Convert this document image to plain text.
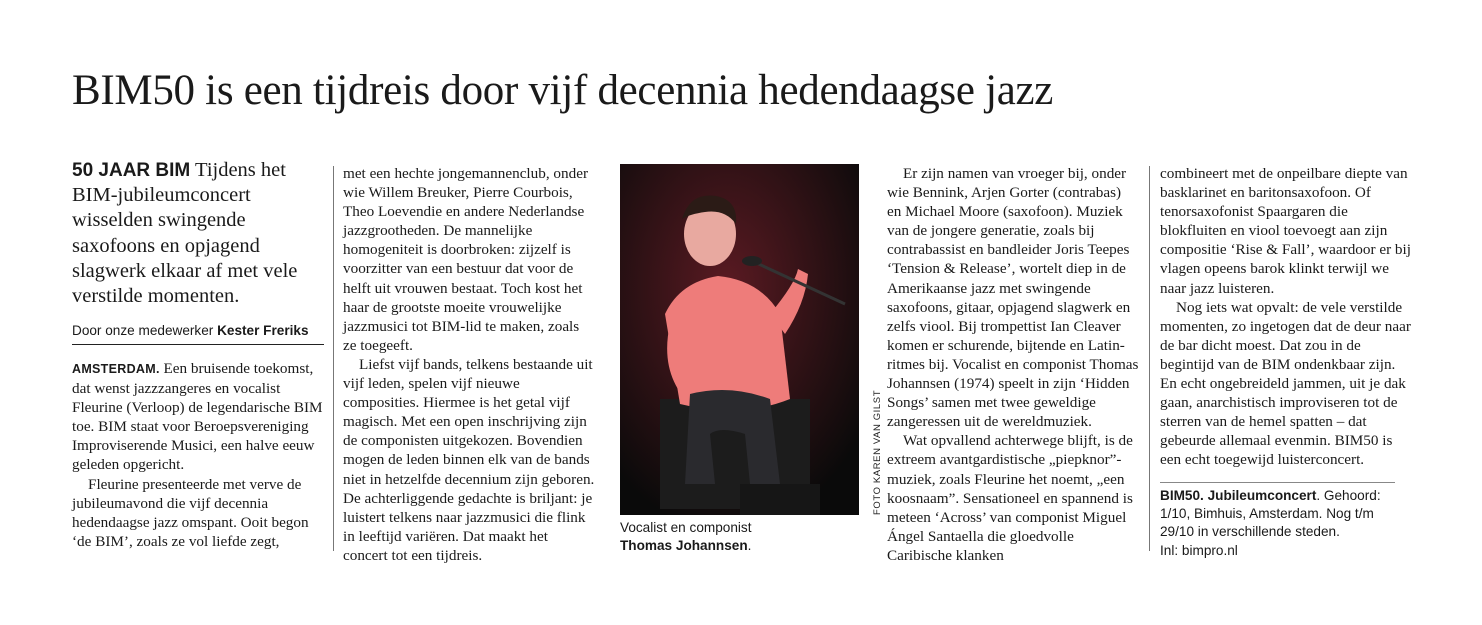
BIM50 is een tijdreis door vijf decennia hedendaagse jazz
50 JAAR BIM Tijdens het BIM-jubileumconcert wisselden swingende saxofoons en opjagend slagwerk elkaar af met vele verstilde momenten.
Door onze medewerker Kester Freriks

AMSTERDAM. Een bruisende toekomst, dat wenst jazzzangeres en vocalist Fleurine (Verloop) de legendarische BIM toe. BIM staat voor Beroepsvereniging Improviserende Musici, een halve eeuw geleden opgericht.

Fleurine presenteerde met verve de jubileumavond die vijf decennia hedendaagse jazz omspant. Ooit begon ‘de BIM’, zoals ze vol liefde zegt,

met een hechte jongemannenclub, onder wie Willem Breuker, Pierre Courbois, Theo Loevendie en andere Nederlandse jazzgrootheden. De mannelijke homogeniteit is doorbroken: zijzelf is voorzitter van een bestuur dat voor de helft uit vrouwen bestaat. Toch kost het haar de grootste moeite vrouwelijke jazzmusici tot BIM-lid te maken, zoals ze toegeeft.

Liefst vijf bands, telkens bestaande uit vijf leden, spelen vijf nieuwe composities. Hiermee is het getal vijf magisch. Met een open inschrijving zijn de componisten uitgekozen. Bovendien mogen de leden binnen elk van de bands niet in hetzelfde decennium zijn geboren. De achterliggende gedachte is briljant: je luistert telkens naar jazzmusici die flink in leeftijd variëren. Dat maakt het concert tot een tijdreis.

FOTO KAREN VAN GILST
Vocalist en componist
Thomas Johannsen.

Er zijn namen van vroeger bij, onder wie Bennink, Arjen Gorter (contrabas) en Michael Moore (saxofoon). Muziek van de jongere generatie, zoals bij contrabassist en bandleider Joris Teepes ‘Tension & Release’, wortelt diep in de Amerikaanse jazz met swingende saxofoons, gitaar, opjagend slagwerk en zelfs viool. Bij trompettist Ian Cleaver komen er schurende, bijtende en Latin-ritmes bij. Vocalist en componist Thomas Johannsen (1974) speelt in zijn ‘Hidden Songs’ samen met twee geweldige zangeressen uit de wereldmuziek.

Wat opvallend achterwege blijft, is de extreem avantgardistische „piepknor”-muziek, zoals Fleurine het noemt, „een koosnaam”. Sensationeel en spannend is meteen ‘Across’ van componist Miguel Ángel Santaella die gloedvolle Caribische klanken

combineert met de onpeilbare diepte van basklarinet en baritonsaxofoon. Of tenorsaxofonist Spaargaren die blokfluiten en viool toevoegt aan zijn compositie ‘Rise & Fall’, waardoor er bij vlagen opeens barok klinkt terwijl we naar jazz luisteren.

Nog iets wat opvalt: de vele verstilde momenten, zo ingetogen dat de deur naar de bar dicht moest. Dat zou in de begintijd van de BIM ondenkbaar zijn. En echt ongebreideld jammen, uit je dak gaan, anarchistisch improviseren tot de sterren van de hemel spatten – dat gebeurde allemaal evenmin. BIM50 is een echt toegewijd luisterconcert.

BIM50. Jubileumconcert. Gehoord: 1/10, Bimhuis, Amsterdam. Nog t/m 29/10 in verschillende steden.
Inl: bimpro.nl
